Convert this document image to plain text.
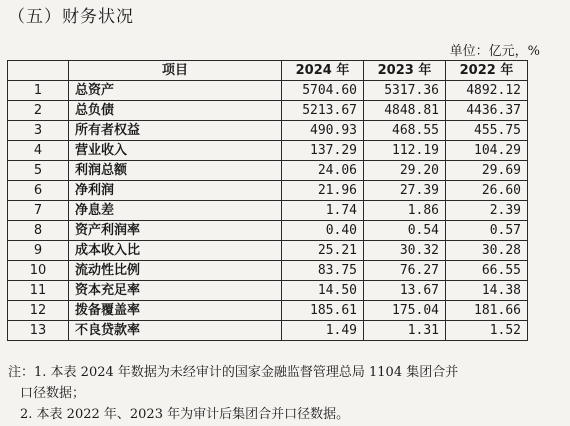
（五）财务状况
单位：亿元，%
	项目	2024 年	2023 年	2022 年
1	总资产	5704.60	5317.36	4892.12
2	总负债	5213.67	4848.81	4436.37
3	所有者权益	490.93	468.55	455.75
4	营业收入	137.29	112.19	104.29
5	利润总额	24.06	29.20	29.69
6	净利润	21.96	27.39	26.60
7	净息差	1.74	1.86	2.39
8	资产利润率	0.40	0.54	0.57
9	成本收入比	25.21	30.32	30.28
10	流动性比例	83.75	76.27	66.55
11	资本充足率	14.50	13.67	14.38
12	拨备覆盖率	185.61	175.04	181.66
13	不良贷款率	1.49	1.31	1.52
注：1. 本表 2024 年数据为未经审计的国家金融监督管理总局 1104 集团合并
口径数据；
2. 本表 2022 年、2023 年为审计后集团合并口径数据。
